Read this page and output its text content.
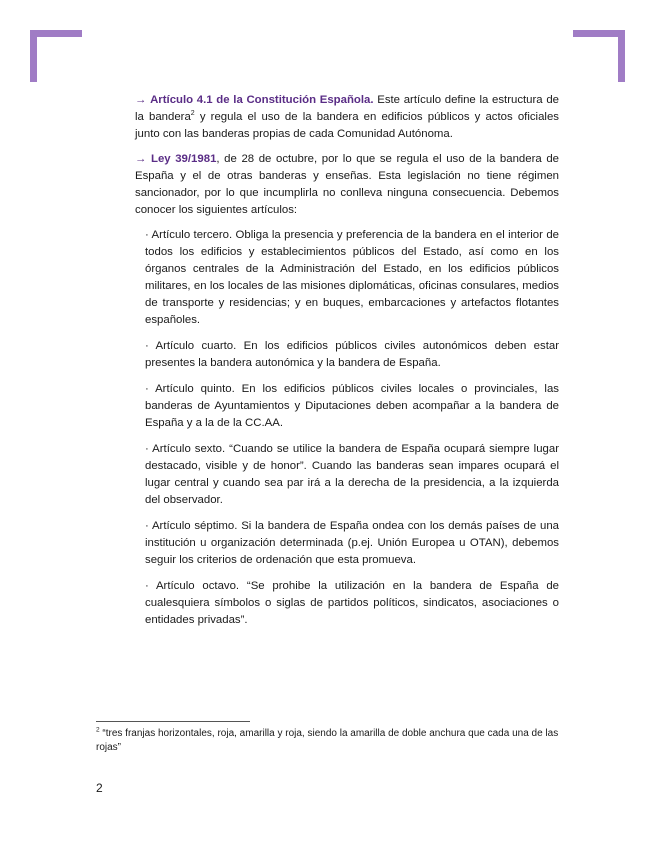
→ Artículo 4.1 de la Constitución Española. Este artículo define la estructura de la bandera$^2$ y regula el uso de la bandera en edificios públicos y actos oficiales junto con las banderas propias de cada Comunidad Autónoma.

→ Ley 39/1981, de 28 de octubre, por lo que se regula el uso de la bandera de España y el de otras banderas y enseñas. Esta legislación no tiene régimen sancionador, por lo que incumplirla no conlleva ninguna consecuencia. Debemos conocer los siguientes artículos:

· Artículo tercero. Obliga la presencia y preferencia de la bandera en el interior de todos los edificios y establecimientos públicos del Estado, así como en los órganos centrales de la Administración del Estado, en los edificios públicos militares, en los locales de las misiones diplomáticas, oficinas consulares, medios de transporte y residencias; y en buques, embarcaciones y artefactos flotantes españoles.

· Artículo cuarto. En los edificios públicos civiles autonómicos deben estar presentes la bandera autonómica y la bandera de España.

· Artículo quinto. En los edificios públicos civiles locales o provinciales, las banderas de Ayuntamientos y Diputaciones deben acompañar a la bandera de España y a la de la CC.AA.

· Artículo sexto. “Cuando se utilice la bandera de España ocupará siempre lugar destacado, visible y de honor”. Cuando las banderas sean impares ocupará el lugar central y cuando sea par irá a la derecha de la presidencia, a la izquierda del observador.

· Artículo séptimo. Si la bandera de España ondea con los demás países de una institución u organización determinada (p.ej. Unión Europea u OTAN), debemos seguir los criterios de ordenación que esta promueva.

· Artículo octavo. “Se prohibe la utilización en la bandera de España de cualesquiera símbolos o siglas de partidos políticos, sindicatos, asociaciones o entidades privadas”.

$^2$ “tres franjas horizontales, roja, amarilla y roja, siendo la amarilla de doble anchura que cada una de las rojas”
2
